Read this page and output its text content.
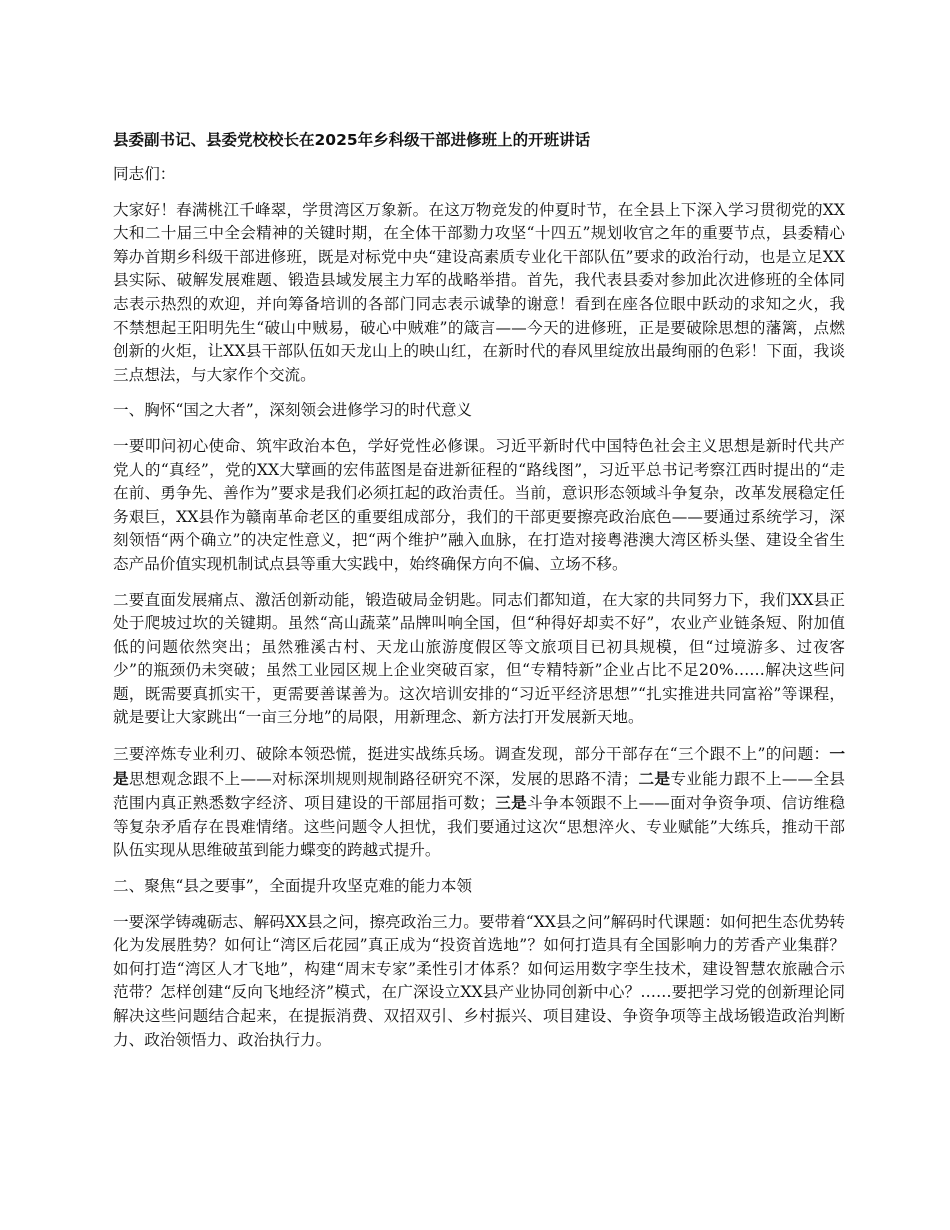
县委副书记、县委党校校长在2025年乡科级干部进修班上的开班讲话

同志们：

大家好！春满桃江千峰翠，学贯湾区万象新。在这万物竞发的仲夏时节，在全县上下深入学习贯彻党的XX大和二十届三中全会精神的关键时期，在全体干部勠力攻坚“十四五”规划收官之年的重要节点，县委精心筹办首期乡科级干部进修班，既是对标党中央“建设高素质专业化干部队伍”要求的政治行动，也是立足XX县实际、破解发展难题、锻造县域发展主力军的战略举措。首先，我代表县委对参加此次进修班的全体同志表示热烈的欢迎，并向筹备培训的各部门同志表示诚挚的谢意！看到在座各位眼中跃动的求知之火，我不禁想起王阳明先生“破山中贼易，破心中贼难”的箴言——今天的进修班，正是要破除思想的藩篱，点燃创新的火炬，让XX县干部队伍如天龙山上的映山红，在新时代的春风里绽放出最绚丽的色彩！下面，我谈三点想法，与大家作个交流。

一、胸怀“国之大者”，深刻领会进修学习的时代意义

一要叩问初心使命、筑牢政治本色，学好党性必修课。习近平新时代中国特色社会主义思想是新时代共产党人的“真经”，党的XX大擘画的宏伟蓝图是奋进新征程的“路线图”，习近平总书记考察江西时提出的“走在前、勇争先、善作为”要求是我们必须扛起的政治责任。当前，意识形态领域斗争复杂，改革发展稳定任务艰巨，XX县作为赣南革命老区的重要组成部分，我们的干部更要擦亮政治底色——要通过系统学习，深刻领悟“两个确立”的决定性意义，把“两个维护”融入血脉，在打造对接粤港澳大湾区桥头堡、建设全省生态产品价值实现机制试点县等重大实践中，始终确保方向不偏、立场不移。

二要直面发展痛点、激活创新动能，锻造破局金钥匙。同志们都知道，在大家的共同努力下，我们XX县正处于爬坡过坎的关键期。虽然“高山蔬菜”品牌叫响全国，但“种得好却卖不好”，农业产业链条短、附加值低的问题依然突出；虽然雅溪古村、天龙山旅游度假区等文旅项目已初具规模，但“过境游多、过夜客少”的瓶颈仍未突破；虽然工业园区规上企业突破百家，但“专精特新”企业占比不足20%……解决这些问题，既需要真抓实干，更需要善谋善为。这次培训安排的“习近平经济思想”“扎实推进共同富裕”等课程，就是要让大家跳出“一亩三分地”的局限，用新理念、新方法打开发展新天地。

三要淬炼专业利刃、破除本领恐慌，挺进实战练兵场。调查发现，部分干部存在“三个跟不上”的问题：一是思想观念跟不上——对标深圳规则规制路径研究不深，发展的思路不清；二是专业能力跟不上——全县范围内真正熟悉数字经济、项目建设的干部屈指可数；三是斗争本领跟不上——面对争资争项、信访维稳等复杂矛盾存在畏难情绪。这些问题令人担忧，我们要通过这次“思想淬火、专业赋能”大练兵，推动干部队伍实现从思维破茧到能力蝶变的跨越式提升。

二、聚焦“县之要事”，全面提升攻坚克难的能力本领

一要深学铸魂砺志、解码XX县之问，擦亮政治三力。要带着“XX县之问”解码时代课题：如何把生态优势转化为发展胜势？如何让“湾区后花园”真正成为“投资首选地”？如何打造具有全国影响力的芳香产业集群？如何打造“湾区人才飞地”，构建“周末专家”柔性引才体系？如何运用数字孪生技术，建设智慧农旅融合示范带？怎样创建“反向飞地经济”模式，在广深设立XX县产业协同创新中心？……要把学习党的创新理论同解决这些问题结合起来，在提振消费、双招双引、乡村振兴、项目建设、争资争项等主战场锻造政治判断力、政治领悟力、政治执行力。
